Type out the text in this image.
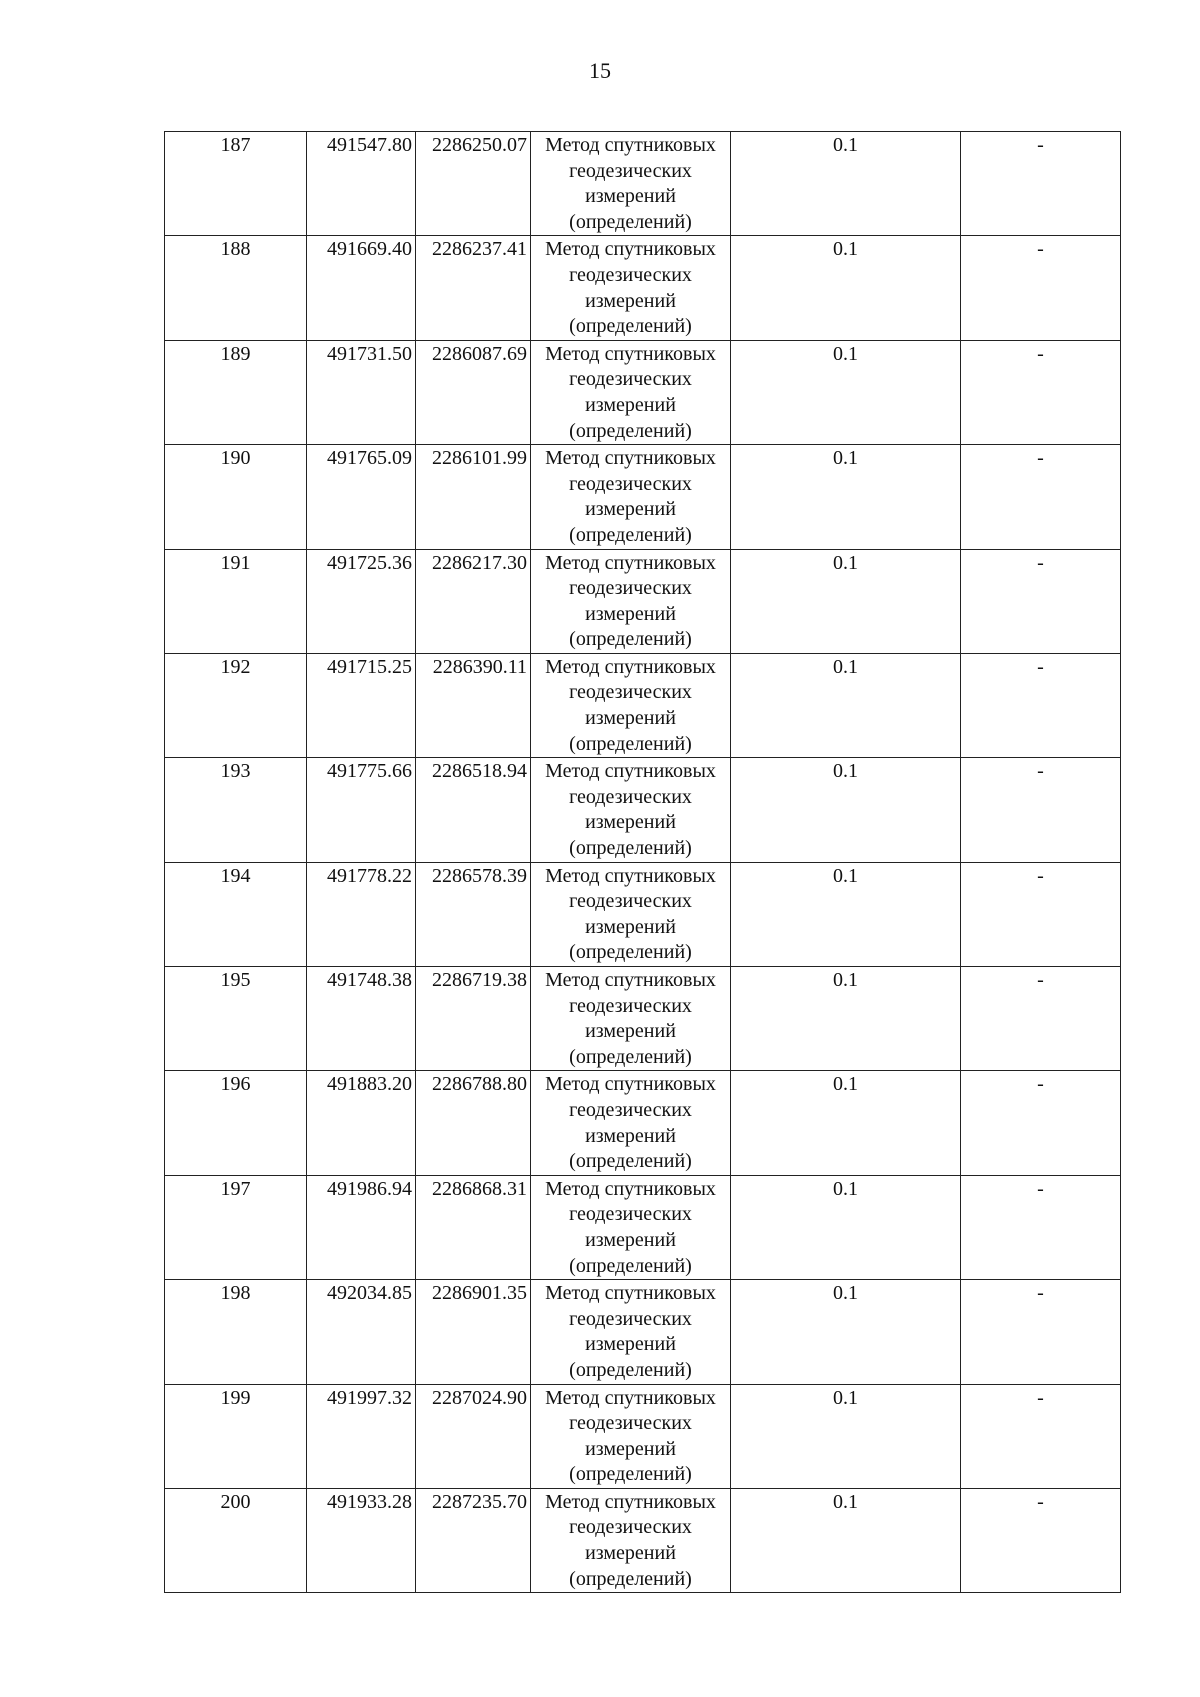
15
187	491547.80	2286250.07	Метод спутниковых геодезических измерений (определений)	0.1	-
188	491669.40	2286237.41	Метод спутниковых геодезических измерений (определений)	0.1	-
189	491731.50	2286087.69	Метод спутниковых геодезических измерений (определений)	0.1	-
190	491765.09	2286101.99	Метод спутниковых геодезических измерений (определений)	0.1	-
191	491725.36	2286217.30	Метод спутниковых геодезических измерений (определений)	0.1	-
192	491715.25	2286390.11	Метод спутниковых геодезических измерений (определений)	0.1	-
193	491775.66	2286518.94	Метод спутниковых геодезических измерений (определений)	0.1	-
194	491778.22	2286578.39	Метод спутниковых геодезических измерений (определений)	0.1	-
195	491748.38	2286719.38	Метод спутниковых геодезических измерений (определений)	0.1	-
196	491883.20	2286788.80	Метод спутниковых геодезических измерений (определений)	0.1	-
197	491986.94	2286868.31	Метод спутниковых геодезических измерений (определений)	0.1	-
198	492034.85	2286901.35	Метод спутниковых геодезических измерений (определений)	0.1	-
199	491997.32	2287024.90	Метод спутниковых геодезических измерений (определений)	0.1	-
200	491933.28	2287235.70	Метод спутниковых геодезических измерений (определений)	0.1	-
